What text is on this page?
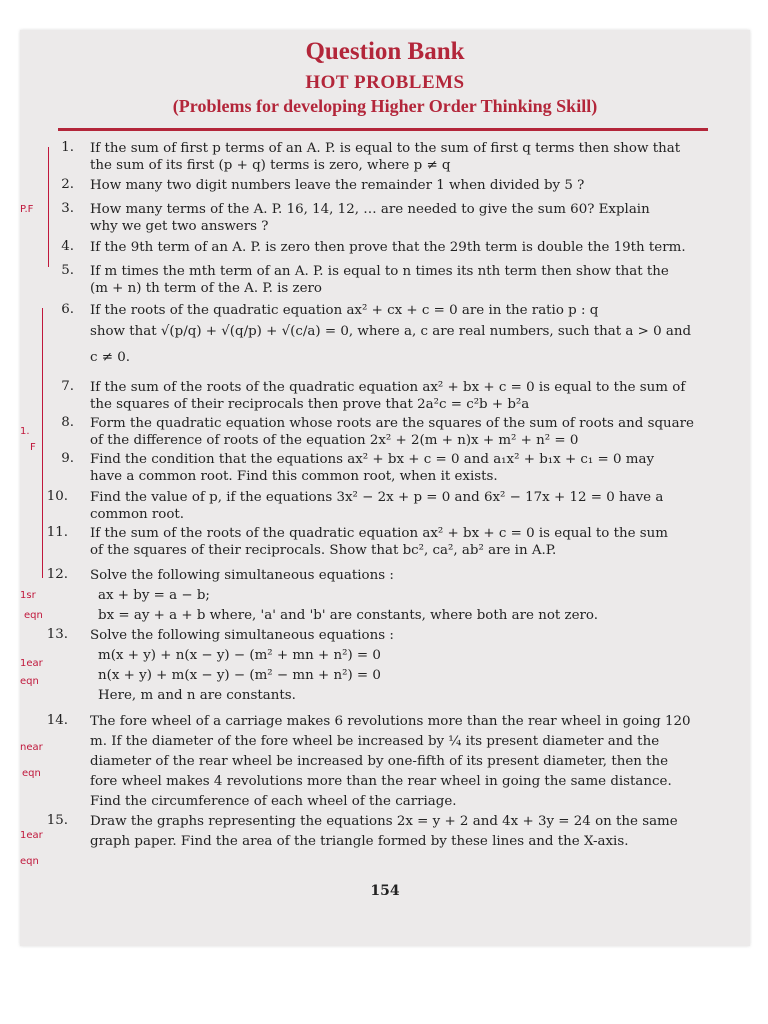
Question Bank
HOT PROBLEMS
(Problems for developing Higher Order Thinking Skill)
1. If the sum of first p terms of an A. P. is equal to the sum of first q terms then show that
the sum of its first (p + q) terms is zero, where p ≠ q
2. How many two digit numbers leave the remainder 1 when divided by 5 ?
3. How many terms of the A. P. 16, 14, 12, … are needed to give the sum 60? Explain
why we get two answers ?
4. If the 9th term of an A. P. is zero then prove that the 29th term is double the 19th term.
5. If m times the mth term of an A. P. is equal to n times its nth term then show that the
(m + n) th term of the A. P. is zero
6. If the roots of the quadratic equation ax² + cx + c = 0 are in the ratio p : q
show that √(p/q) + √(q/p) + √(c/a) = 0, where a, c are real numbers, such that a > 0 and
c ≠ 0.
7. If the sum of the roots of the quadratic equation ax² + bx + c = 0 is equal to the sum of
the squares of their reciprocals then prove that 2a²c = c²b + b²a
8. Form the quadratic equation whose roots are the squares of the sum of roots and square
of the difference of roots of the equation 2x² + 2(m + n)x + m² + n² = 0
9. Find the condition that the equations ax² + bx + c = 0 and a₁x² + b₁x + c₁ = 0 may
have a common root. Find this common root, when it exists.
10. Find the value of p, if the equations 3x² − 2x + p = 0 and 6x² − 17x + 12 = 0 have a
common root.
11. If the sum of the roots of the quadratic equation ax² + bx + c = 0 is equal to the sum
of the squares of their reciprocals. Show that bc², ca², ab² are in A.P.
12. Solve the following simultaneous equations :
ax + by = a − b;
bx = ay + a + b where, 'a' and 'b' are constants, where both are not zero.
13. Solve the following simultaneous equations :
m(x + y) + n(x − y) − (m² + mn + n²) = 0
n(x + y) + m(x − y) − (m² − mn + n²) = 0
Here, m and n are constants.
14. The fore wheel of a carriage makes 6 revolutions more than the rear wheel in going 120
m. If the diameter of the fore wheel be increased by ¼ its present diameter and the
diameter of the rear wheel be increased by one-fifth of its present diameter, then the
fore wheel makes 4 revolutions more than the rear wheel in going the same distance.
Find the circumference of each wheel of the carriage.
15. Draw the graphs representing the equations 2x = y + 2 and 4x + 3y = 24 on the same
graph paper. Find the area of the triangle formed by these lines and the X-axis.
154
P.F
1.
F
1sr
eqn
1ear
eqn
near
eqn
1ear
eqn
